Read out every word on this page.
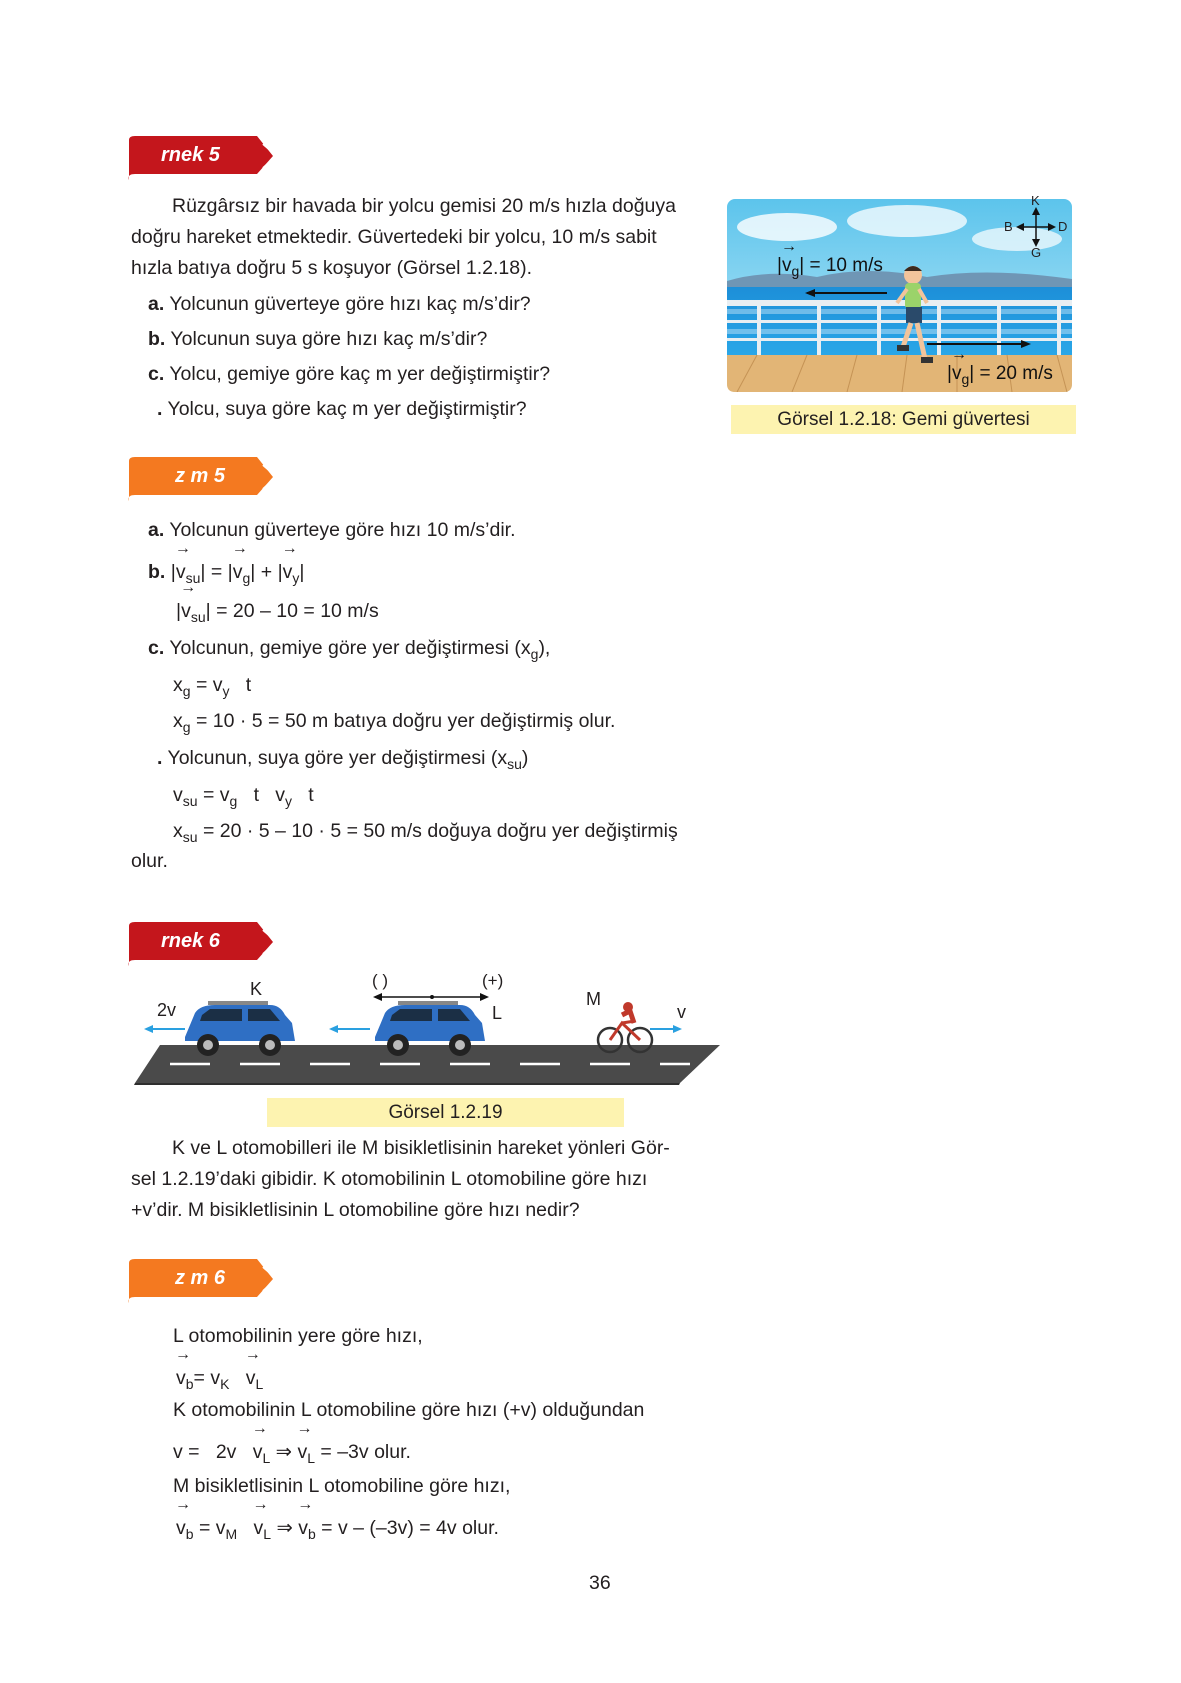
rnek 5
Rüzgârsız bir havada bir yolcu gemisi 20 m/s hızla doğuya
doğru hareket etmektedir. Güvertedeki bir yolcu, 10 m/s sabit
hızla batıya doğru 5 s koşuyor (Görsel 1.2.18).
a. Yolcunun güverteye göre hızı kaç m/s’dir?
b. Yolcunun suya göre hızı kaç m/s’dir?
c. Yolcu, gemiye göre kaç m yer değiştirmiştir?
. Yolcu, suya göre kaç m yer değiştirmiştir?
K
B	D
G
|→ $v_g| = 10$ m/s
|→ $v_g| = 20$ m/s
Görsel 1.2.18: Gemi güvertesi
z m 5
a. Yolcunun güverteye göre hızı 10 m/s’dir.
b. |→ $v_{su}|$ = |→ $v_g|$ + |→ $v_y|$
|→ $v_{su}| = 20 - 10 = 10$ m/s
c. Yolcunun, gemiye göre yer değiştirmesi $(x_g)$,
$x_g = v_y$ t
$x_g = 10 \cdot 5 = 50$ m batıya doğru yer değiştirmiş olur.
. Yolcunun, suya göre yer değiştirmesi $(x_{su})$
$v_{su} = v_g$ t $v_y$ t
$x_{su} = 20 \cdot 5 - 10 \cdot 5 = 50$ m/s doğuya doğru yer değiştirmiş
olur.
rnek 6
2v
K	( )	(+)
L
M
v
Görsel 1.2.19
K ve L otomobilleri ile M bisikletlisinin hareket yönleri Gör-
sel 1.2.19’daki gibidir. K otomobilinin L otomobiline göre hızı
+v’dir. M bisikletlisinin L otomobiline göre hızı nedir?
z m 6
L otomobilinin yere göre hızı,
→ $v_b= v_K \to v_L$
K otomobilinin L otomobiline göre hızı (+v) olduğundan
$v = 2v \to v_L$ ⇒ → $v_L = -3v$ olur.
M bisikletlisinin L otomobiline göre hızı,
→ $v_b = v_M \to v_L$ ⇒ → $v_b = v - (-3v) = 4v$ olur.
36
